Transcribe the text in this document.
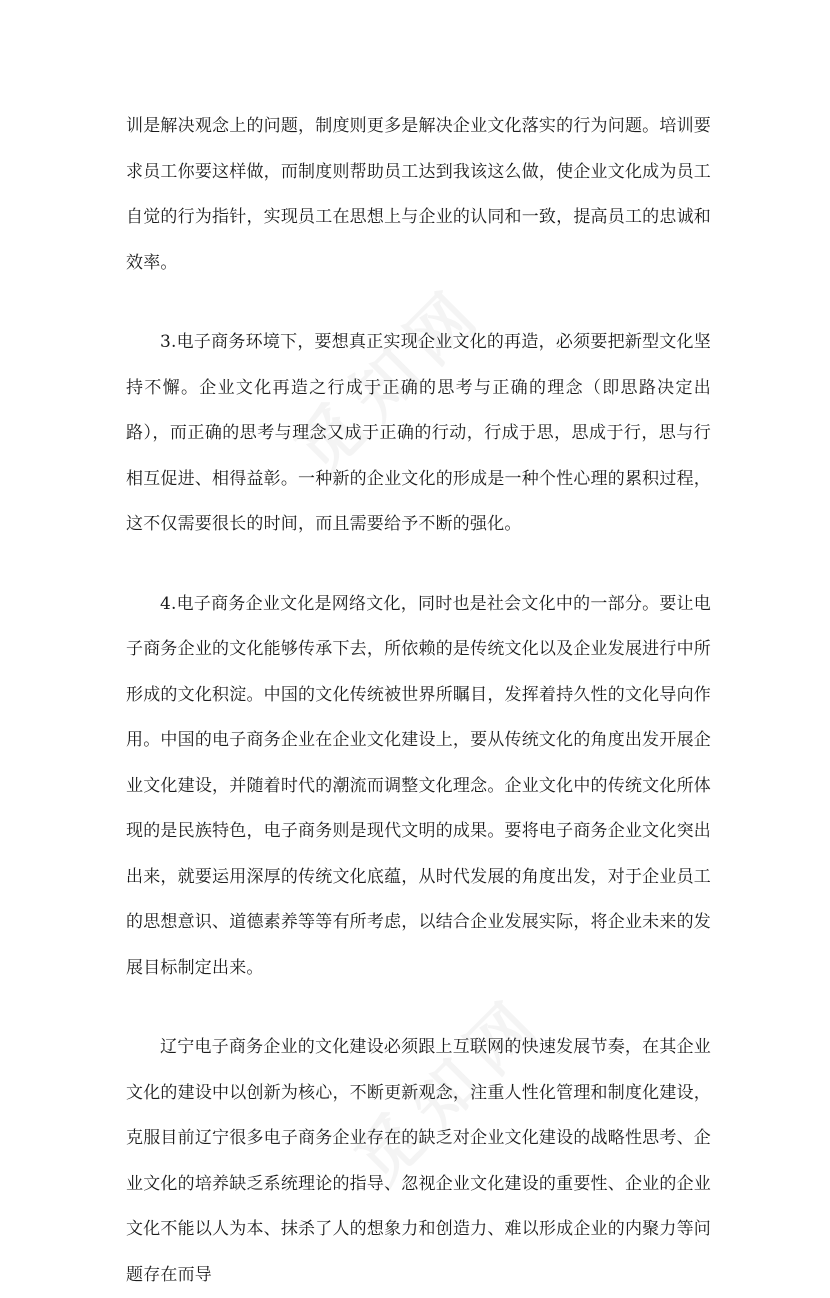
训是解决观念上的问题，制度则更多是解决企业文化落实的行为问题。培训要求员工你要这样做，而制度则帮助员工达到我该这么做，使企业文化成为员工自觉的行为指针，实现员工在思想上与企业的认同和一致，提高员工的忠诚和效率。

3.电子商务环境下，要想真正实现企业文化的再造，必须要把新型文化坚持不懈。企业文化再造之行成于正确的思考与正确的理念（即思路决定出路），而正确的思考与理念又成于正确的行动，行成于思，思成于行，思与行相互促进、相得益彰。一种新的企业文化的形成是一种个性心理的累积过程，这不仅需要很长的时间，而且需要给予不断的强化。

4.电子商务企业文化是网络文化，同时也是社会文化中的一部分。要让电子商务企业的文化能够传承下去，所依赖的是传统文化以及企业发展进行中所形成的文化积淀。中国的文化传统被世界所瞩目，发挥着持久性的文化导向作用。中国的电子商务企业在企业文化建设上，要从传统文化的角度出发开展企业文化建设，并随着时代的潮流而调整文化理念。企业文化中的传统文化所体现的是民族特色，电子商务则是现代文明的成果。要将电子商务企业文化突出出来，就要运用深厚的传统文化底蕴，从时代发展的角度出发，对于企业员工的思想意识、道德素养等等有所考虑，以结合企业发展实际，将企业未来的发展目标制定出来。

辽宁电子商务企业的文化建设必须跟上互联网的快速发展节奏，在其企业文化的建设中以创新为核心，不断更新观念，注重人性化管理和制度化建设，克服目前辽宁很多电子商务企业存在的缺乏对企业文化建设的战略性思考、企业文化的培养缺乏系统理论的指导、忽视企业文化建设的重要性、企业的企业文化不能以人为本、抹杀了人的想象力和创造力、难以形成企业的内聚力等问题存在而导
